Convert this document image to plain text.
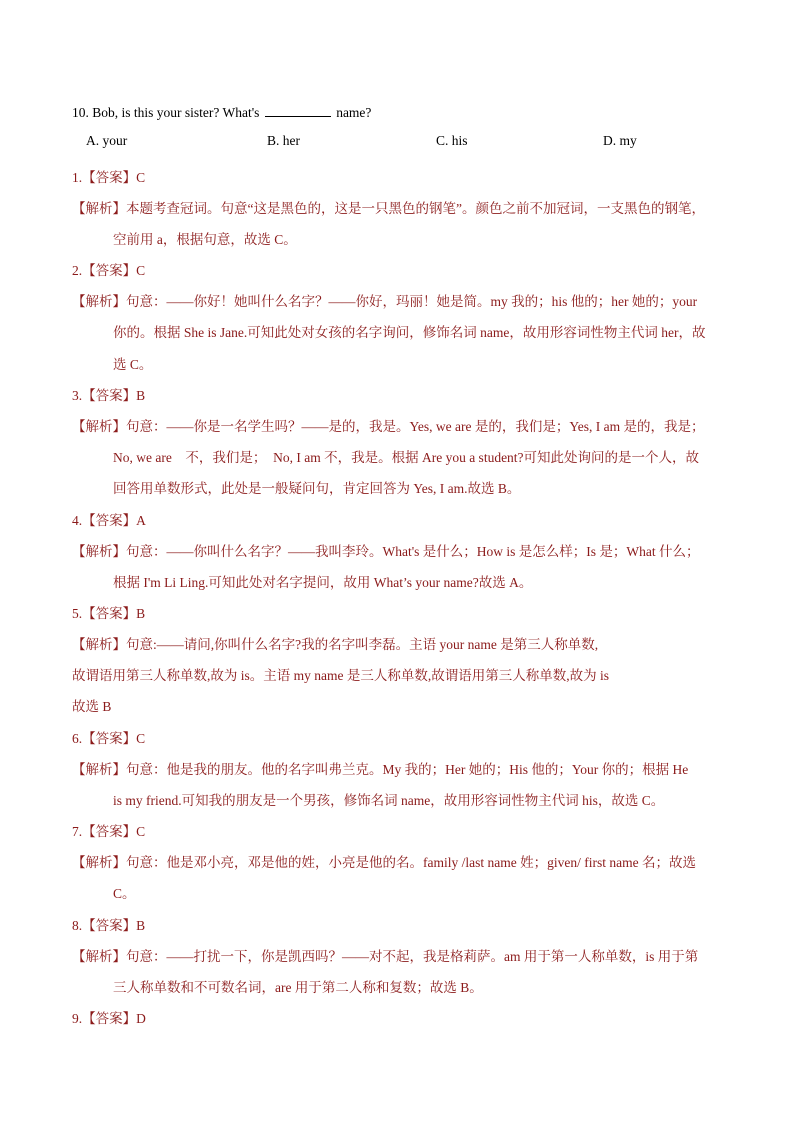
10. Bob, is this your sister? What's	name?
A. your	B. her	C. his	D. my
1.【答案】C
【解析】本题考查冠词。句意“这是黑色的，这是一只黑色的钢笔”。颜色之前不加冠词，一支黑色的钢笔，
空前用 a，根据句意，故选 C。
2.【答案】C
【解析】句意：——你好！她叫什么名字？——你好，玛丽！她是简。my 我的；his 他的；her 她的；your
你的。根据 She is Jane.可知此处对女孩的名字询问，修饰名词 name，故用形容词性物主代词 her，故
选 C。
3.【答案】B
【解析】句意：——你是一名学生吗？——是的，我是。Yes, we are 是的，我们是；Yes, I am 是的，我是；
No, we are　不，我们是；　No, I am 不，我是。根据 Are you a student?可知此处询问的是一个人，故
回答用单数形式，此处是一般疑问句，肯定回答为 Yes, I am.故选 B。
4.【答案】A
【解析】句意：——你叫什么名字？——我叫李玲。What's 是什么；How is 是怎么样；Is 是；What 什么；
根据 I'm Li Ling.可知此处对名字提问，故用 What’s your name?故选 A。
5.【答案】B
【解析】句意:——请问,你叫什么名字?我的名字叫李磊。主语 your name 是第三人称单数,
故谓语用第三人称单数,故为 is。主语 my name 是三人称单数,故谓语用第三人称单数,故为 is
故选 B
6.【答案】C
【解析】句意：他是我的朋友。他的名字叫弗兰克。My 我的；Her 她的；His 他的；Your 你的；根据 He
is my friend.可知我的朋友是一个男孩，修饰名词 name，故用形容词性物主代词 his，故选 C。
7.【答案】C
【解析】句意：他是邓小亮，邓是他的姓，小亮是他的名。family /last name 姓；given/ first name 名；故选
C。
8.【答案】B
【解析】句意：——打扰一下，你是凯西吗？——对不起，我是格莉萨。am 用于第一人称单数，is 用于第
三人称单数和不可数名词，are 用于第二人称和复数；故选 B。
9.【答案】D
